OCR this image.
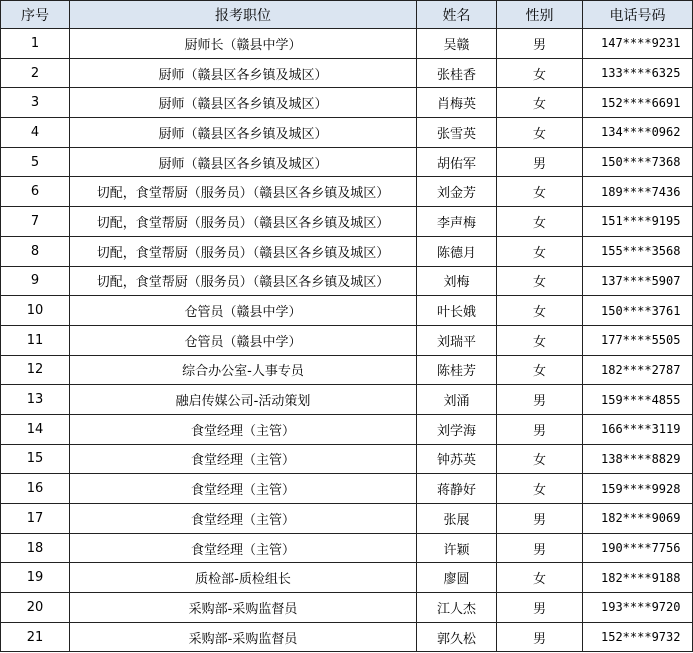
序号	报考职位	姓名	性别	电话号码
1	厨师长（赣县中学）	吴赣	男	147****9231
2	厨师（赣县区各乡镇及城区）	张桂香	女	133****6325
3	厨师（赣县区各乡镇及城区）	肖梅英	女	152****6691
4	厨师（赣县区各乡镇及城区）	张雪英	女	134****0962
5	厨师（赣县区各乡镇及城区）	胡佑军	男	150****7368
6	切配，食堂帮厨（服务员）（赣县区各乡镇及城区）	刘金芳	女	189****7436
7	切配，食堂帮厨（服务员）（赣县区各乡镇及城区）	李声梅	女	151****9195
8	切配，食堂帮厨（服务员）（赣县区各乡镇及城区）	陈德月	女	155****3568
9	切配，食堂帮厨（服务员）（赣县区各乡镇及城区）	刘梅	女	137****5907
10	仓管员（赣县中学）	叶长娥	女	150****3761
11	仓管员（赣县中学）	刘瑞平	女	177****5505
12	综合办公室-人事专员	陈桂芳	女	182****2787
13	融启传媒公司-活动策划	刘涌	男	159****4855
14	食堂经理（主管）	刘学海	男	166****3119
15	食堂经理（主管）	钟苏英	女	138****8829
16	食堂经理（主管）	蒋静好	女	159****9928
17	食堂经理（主管）	张展	男	182****9069
18	食堂经理（主管）	许颖	男	190****7756
19	质检部-质检组长	廖圆	女	182****9188
20	采购部-采购监督员	江人杰	男	193****9720
21	采购部-采购监督员	郭久松	男	152****9732
